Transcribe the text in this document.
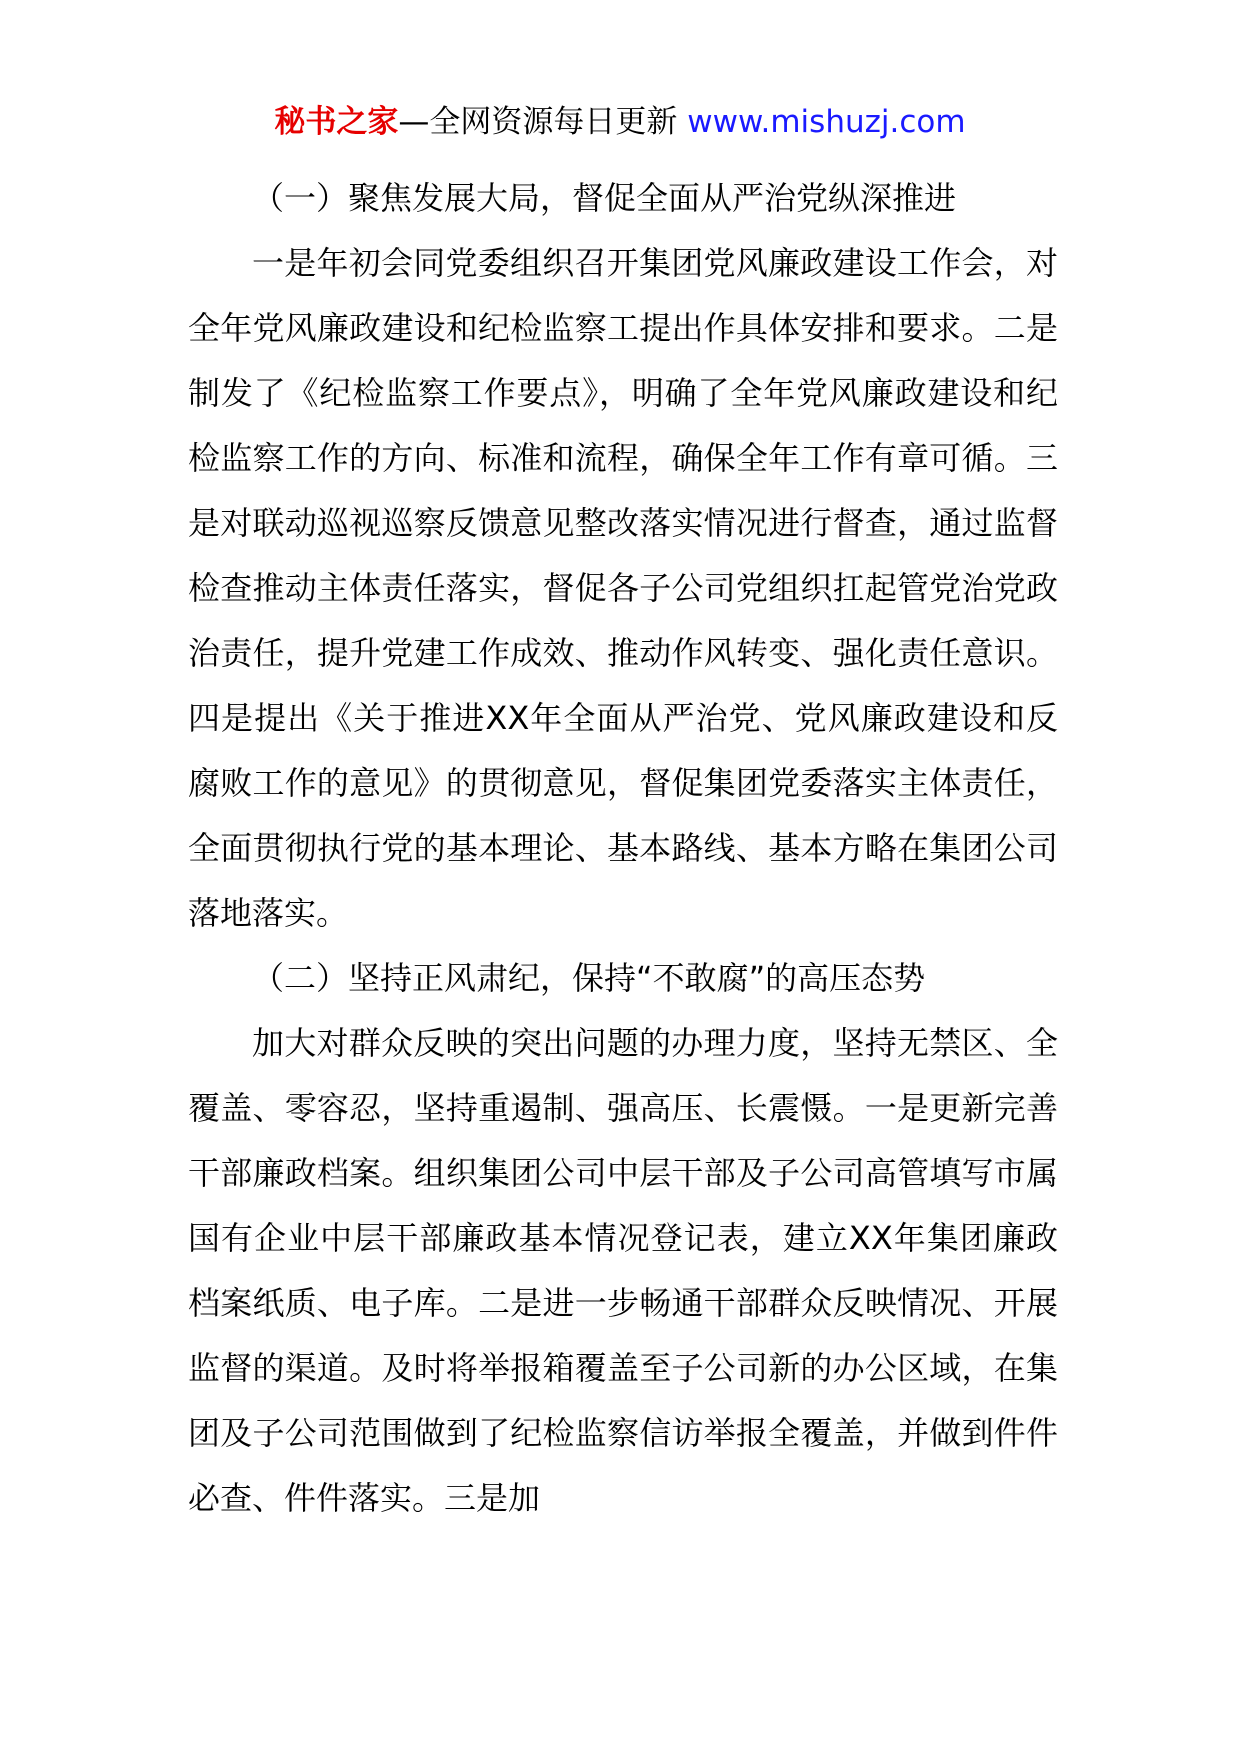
秘书之家—全网资源每日更新 www.mishuzj.com

（一）聚焦发展大局，督促全面从严治党纵深推进

一是年初会同党委组织召开集团党风廉政建设工作会，对全年党风廉政建设和纪检监察工提出作具体安排和要求。二是制发了《纪检监察工作要点》，明确了全年党风廉政建设和纪检监察工作的方向、标准和流程，确保全年工作有章可循。三是对联动巡视巡察反馈意见整改落实情况进行督查，通过监督检查推动主体责任落实，督促各子公司党组织扛起管党治党政治责任，提升党建工作成效、推动作风转变、强化责任意识。四是提出《关于推进XX年全面从严治党、党风廉政建设和反腐败工作的意见》的贯彻意见，督促集团党委落实主体责任，全面贯彻执行党的基本理论、基本路线、基本方略在集团公司落地落实。

（二）坚持正风肃纪，保持“不敢腐”的高压态势

加大对群众反映的突出问题的办理力度，坚持无禁区、全覆盖、零容忍，坚持重遏制、强高压、长震慑。一是更新完善干部廉政档案。组织集团公司中层干部及子公司高管填写市属国有企业中层干部廉政基本情况登记表，建立XX年集团廉政档案纸质、电子库。二是进一步畅通干部群众反映情况、开展监督的渠道。及时将举报箱覆盖至子公司新的办公区域，在集团及子公司范围做到了纪检监察信访举报全覆盖，并做到件件必查、件件落实。三是加
